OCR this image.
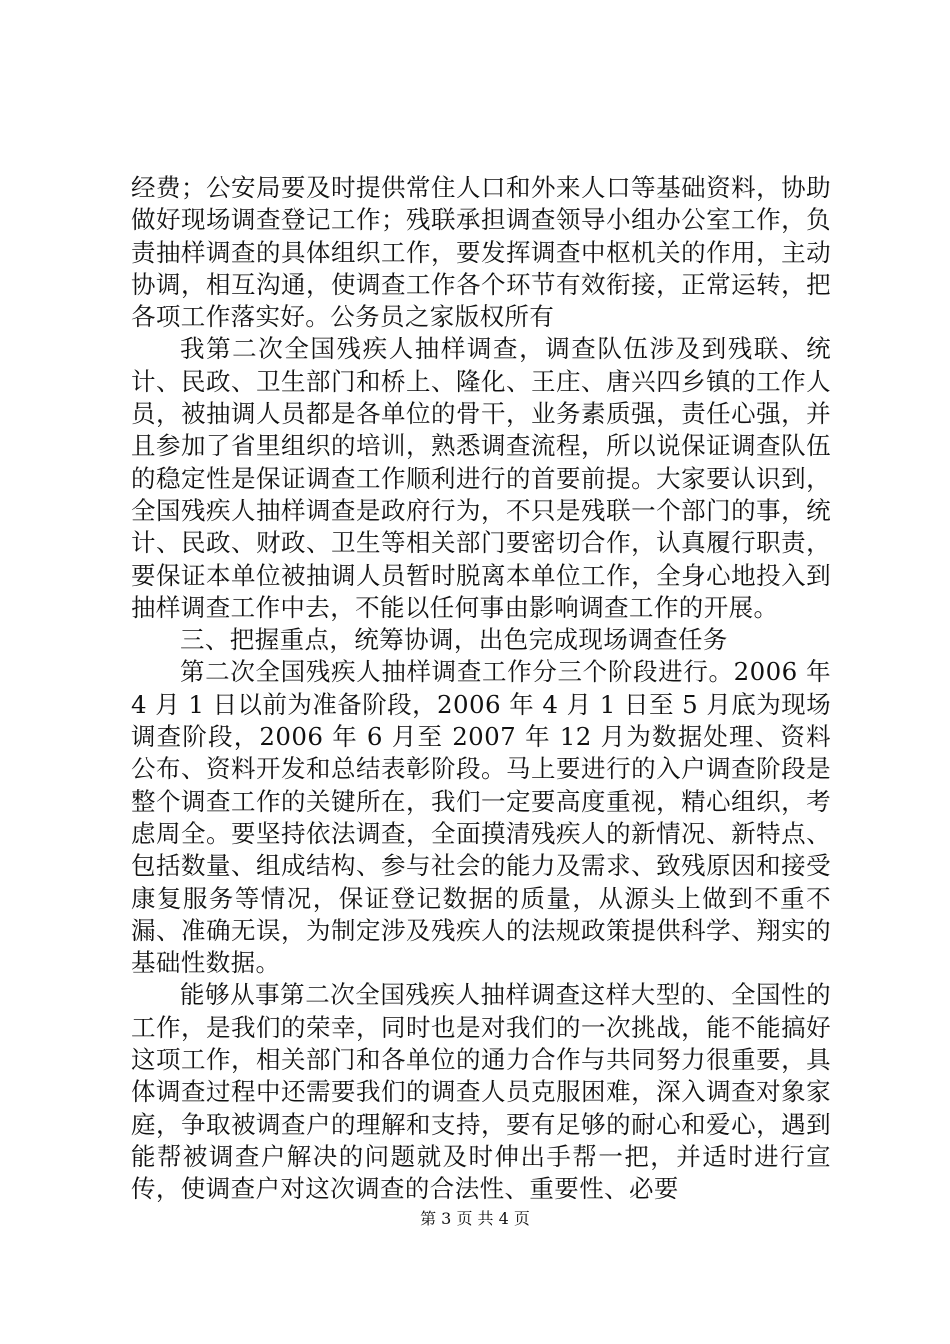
经费；公安局要及时提供常住人口和外来人口等基础资料，协助做好现场调查登记工作；残联承担调查领导小组办公室工作，负责抽样调查的具体组织工作，要发挥调查中枢机关的作用，主动协调，相互沟通，使调查工作各个环节有效衔接，正常运转，把各项工作落实好。公务员之家版权所有

我第二次全国残疾人抽样调查，调查队伍涉及到残联、统计、民政、卫生部门和桥上、隆化、王庄、唐兴四乡镇的工作人员，被抽调人员都是各单位的骨干，业务素质强，责任心强，并且参加了省里组织的培训，熟悉调查流程，所以说保证调查队伍的稳定性是保证调查工作顺利进行的首要前提。大家要认识到，全国残疾人抽样调查是政府行为，不只是残联一个部门的事，统计、民政、财政、卫生等相关部门要密切合作，认真履行职责，要保证本单位被抽调人员暂时脱离本单位工作，全身心地投入到抽样调查工作中去，不能以任何事由影响调查工作的开展。

三、把握重点，统筹协调，出色完成现场调查任务

第二次全国残疾人抽样调查工作分三个阶段进行。2006 年 4 月 1 日以前为准备阶段，2006 年 4 月 1 日至 5 月底为现场调查阶段，2006 年 6 月至 2007 年 12 月为数据处理、资料公布、资料开发和总结表彰阶段。马上要进行的入户调查阶段是整个调查工作的关键所在，我们一定要高度重视，精心组织，考虑周全。要坚持依法调查，全面摸清残疾人的新情况、新特点、包括数量、组成结构、参与社会的能力及需求、致残原因和接受康复服务等情况，保证登记数据的质量，从源头上做到不重不漏、准确无误，为制定涉及残疾人的法规政策提供科学、翔实的基础性数据。

能够从事第二次全国残疾人抽样调查这样大型的、全国性的工作，是我们的荣幸，同时也是对我们的一次挑战，能不能搞好这项工作，相关部门和各单位的通力合作与共同努力很重要，具体调查过程中还需要我们的调查人员克服困难，深入调查对象家庭，争取被调查户的理解和支持，要有足够的耐心和爱心，遇到能帮被调查户解决的问题就及时伸出手帮一把，并适时进行宣传，使调查户对这次调查的合法性、重要性、必要

第 3 页 共 4 页
